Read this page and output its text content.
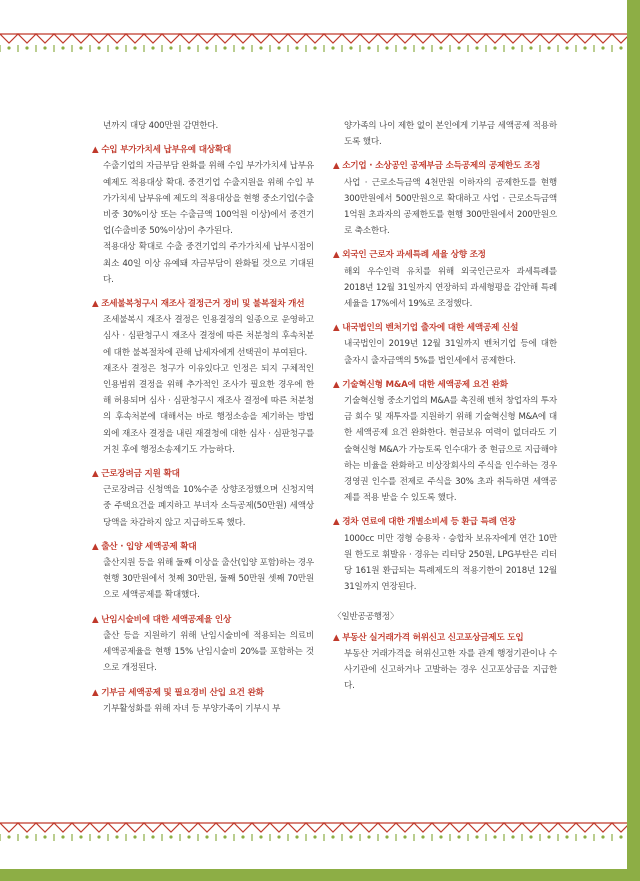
년까지 대당 400만원 감면한다.
▲ 수입 부가가치세 납부유예 대상확대
수출기업의 자금부담 완화를 위해 수입 부가가치세 납부유예제도 적용대상 확대. 중견기업 수출지원을 위해 수입 부가가치세 납부유예 제도의 적용대상을 현행 중소기업(수출비중 30%이상 또는 수출금액 100억원 이상)에서 중견기업(수출비중 50%이상)이 추가된다.
적용대상 확대로 수출 중견기업의 주가가치세 납부시점이 최소 40일 이상 유예돼 자금부담이 완화될 것으로 기대된다.
▲ 조세불복청구시 재조사 결정근거 정비 및 불복절차 개선
조세불복시 재조사 결정은 인용결정의 일종으로 운영하고 심사 · 심판청구시 재조사 결정에 따른 처분청의 후속처분에 대한 불복절차에 관해 납세자에게 선택권이 부여된다.
재조사 결정은 청구가 이유있다고 인정은 되지 구체적인 인용범위 결정을 위해 추가적인 조사가 필요한 경우에 한해 허용되며 심사 · 심판청구시 재조사 결정에 따른 처분청의 후속처분에 대해서는 바로 행정소송을 제기하는 방법 외에 재조사 결정을 내린 재결청에 대한 심사 · 심판청구를 거친 후에 행정소송제기도 가능하다.
▲ 근로장려금 지원 확대
근로장려금 신청액을 10%수준 상향조정했으며 신청지역 중 주택요건을 폐지하고 부녀자 소득공제(50만원) 세액상당액을 차감하지 않고 지급하도록 했다.
▲ 출산 · 입양 세액공제 확대
출산지원 등을 위해 둘째 이상을 출산(입양 포함)하는 경우 현행 30만원에서 첫째 30만원, 둘째 50만원 셋째 70만원으로 세액공제를 확대했다.
▲ 난임시술비에 대한 세액공제율 인상
출산 등을 지원하기 위해 난임시술비에 적용되는 의료비 세액공제율을 현행 15% 난임시술비 20%를 포함하는 것으로 개정된다.
▲ 기부금 세액공제 및 필요경비 산입 요건 완화
기부활성화를 위해 자녀 등 부양가족이 기부시 부
양가족의 나이 제한 없이 본인에게 기부금 세액공제 적용하도록 했다.
▲ 소기업 · 소상공인 공제부금 소득공제의 공제한도 조정
사업 · 근로소득금액 4천만원 이하자의 공제한도를 현행 300만원에서 500만원으로 확대하고 사업 · 근로소득금액 1억원 초과자의 공제한도를 현행 300만원에서 200만원으로 축소한다.
▲ 외국인 근로자 과세특례 세율 상향 조정
해외 우수인력 유치를 위해 외국인근로자 과세특례를 2018년 12월 31일까지 연장하되 과세형평을 감안해 특례세율을 17%에서 19%로 조정했다.
▲ 내국법인의 벤처기업 출자에 대한 세액공제 신설
내국법인이 2019년 12월 31일까지 벤처기업 등에 대한 출자시 출자금액의 5%를 법인세에서 공제한다.
▲ 기술혁신형 M&A에 대한 세액공제 요건 완화
기술혁신형 중소기업의 M&A를 촉진해 벤처 창업자의 투자금 회수 및 재투자를 지원하기 위해 기술혁신형 M&A에 대한 세액공제 요건 완화한다. 현금보유 여력이 없더라도 기술혁신형 M&A가 가능토록 인수대가 중 현금으로 지급해야하는 비율을 완화하고 비상장회사의 주식을 인수하는 경우 경영권 인수를 전제로 주식을 30% 초과 취득하면 세액공제를 적용 받을 수 있도록 했다.
▲ 경차 연료에 대한 개별소비세 등 환급 특례 연장
1000cc 미만 경형 승용차 · 승합차 보유자에게 연간 10만원 한도로 휘발유 · 경유는 리터당 250원, LPG부탄은 리터당 161원 환급되는 특례제도의 적용기한이 2018년 12월 31일까지 연장된다.
〈일반공공행정〉
▲ 부동산 실거래가격 허위신고 신고포상금제도 도입
부동산 거래가격을 허위신고한 자를 관계 행정기관이나 수사기관에 신고하거나 고발하는 경우 신고포상금을 지급한다.
